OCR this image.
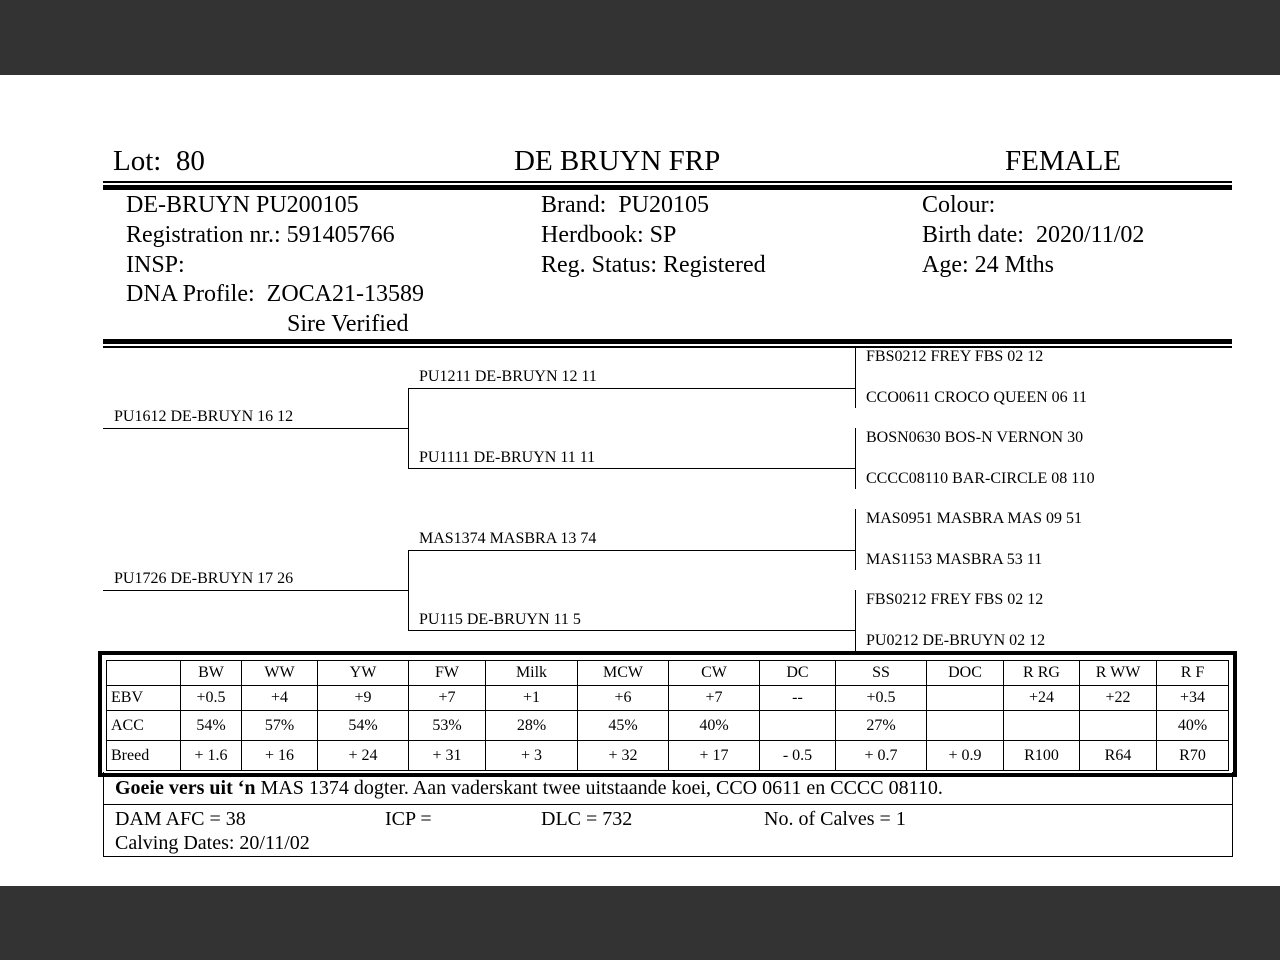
Lot: 80	DE BRUYN FRP	FEMALE
DE-BRUYN PU200105
Registration nr.: 591405766
INSP:
DNA Profile: ZOCA21-13589
Sire Verified
Brand: PU20105
Herdbook: SP
Reg. Status: Registered
Colour:
Birth date: 2020/11/02
Age: 24 Mths
PU1612 DE-BRUYN 16 12
PU1726 DE-BRUYN 17 26
PU1211 DE-BRUYN 12 11
PU1111 DE-BRUYN 11 11
MAS1374 MASBRA 13 74
PU115 DE-BRUYN 11 5
FBS0212 FREY FBS 02 12
CCO0611 CROCO QUEEN 06 11
BOSN0630 BOS-N VERNON 30
CCCC08110 BAR-CIRCLE 08 110
MAS0951 MASBRA MAS 09 51
MAS1153 MASBRA 53 11
FBS0212 FREY FBS 02 12
PU0212 DE-BRUYN 02 12
	BW	WW	YW	FW	Milk	MCW	CW	DC	SS	DOC	R RG	R WW	R F
EBV	+0.5	+4	+9	+7	+1	+6	+7	--	+0.5		+24	+22	+34
ACC	54%	57%	54%	53%	28%	45%	40%		27%				40%
Breed	+ 1.6	+ 16	+ 24	+ 31	+ 3	+ 32	+ 17	- 0.5	+ 0.7	+ 0.9	R100	R64	R70
Goeie vers uit ‘n MAS 1374 dogter. Aan vaderskant twee uitstaande koei, CCO 0611 en CCCC 08110.
DAM AFC = 38	ICP =	DLC = 732	No. of Calves = 1
Calving Dates: 20/11/02
